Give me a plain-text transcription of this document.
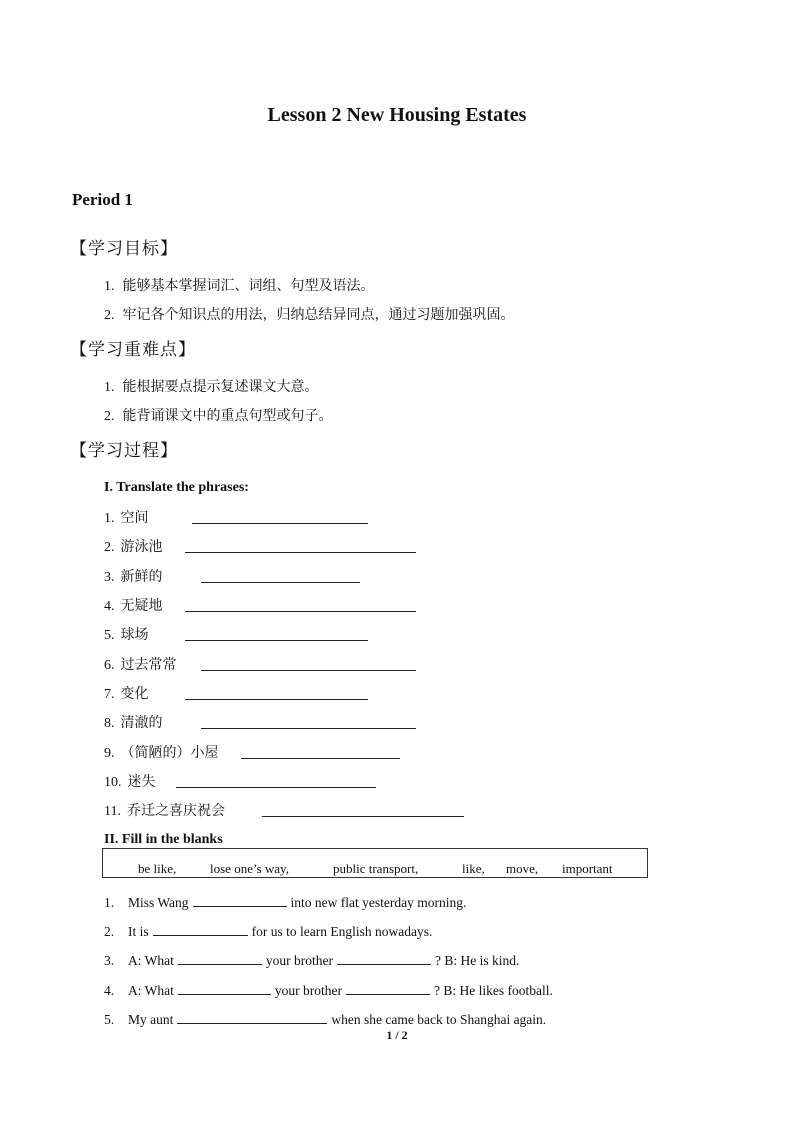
Lesson 2 New Housing Estates
Period 1
【学习目标】
1. 能够基本掌握词汇、词组、句型及语法。
2. 牢记各个知识点的用法，归纳总结异同点，通过习题加强巩固。
【学习重难点】
1. 能根据要点提示复述课文大意。
2. 能背诵课文中的重点句型或句子。
【学习过程】
I. Translate the phrases:
1. 空间
2. 游泳池
3. 新鲜的
4. 无疑地
5. 球场
6. 过去常常
7. 变化
8. 清澈的
9. （简陋的）小屋
10. 迷失
11. 乔迁之喜庆祝会
II. Fill in the blanks
be like,	lose one’s way,	public transport,	like, move, important
1. Miss Wang	into new flat yesterday morning.
2. It is	for us to learn English nowadays.
3. A: What	your brother	? B: He is kind.
4. A: What	your brother	? B: He likes football.
5. My aunt	when she came back to Shanghai again.
1 / 2
